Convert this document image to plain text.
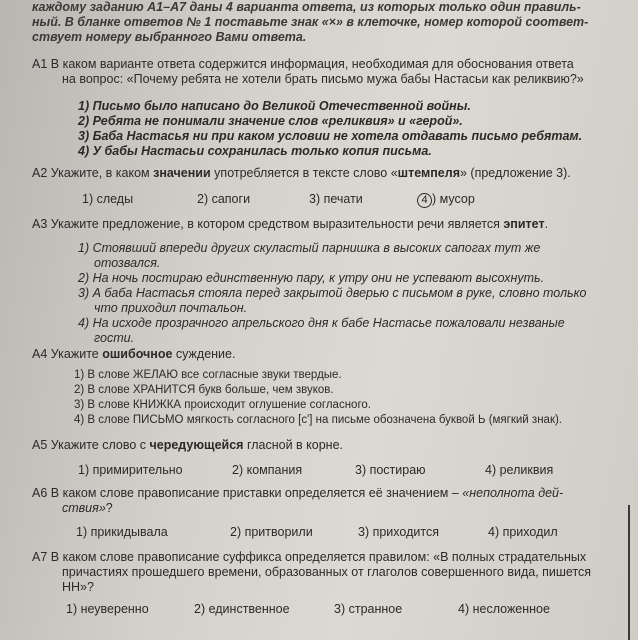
каждому заданию А1–А7 даны 4 варианта ответа, из которых только один правиль-
ный. В бланке ответов № 1 поставьте знак «×» в клеточке, номер которой соответ-
ствует номеру выбранного Вами ответа.
А1 В каком варианте ответа содержится информация, необходимая для обоснования ответа
на вопрос: «Почему ребята не хотели брать письмо мужа бабы Настасьи как реликвию?»
1) Письмо было написано до Великой Отечественной войны.
2) Ребята не понимали значение слов «реликвия» и «герой».
3) Баба Настасья ни при каком условии не хотела отдавать письмо ребятам.
4) У бабы Настасьи сохранилась только копия письма.
А2 Укажите, в каком значении употребляется в тексте слово «штемпеля» (предложение 3).
1) следы	2) сапоги	3) печати	4 ) мусор
А3 Укажите предложение, в котором средством выразительности речи является эпитет.
1) Стоявший впереди других скуластый парнишка в высоких сапогах тут же отозвался.
2) На ночь постираю единственную пару, к утру они не успевают высохнуть.
3) А баба Настасья стояла перед закрытой дверью с письмом в руке, словно только что приходил почтальон.
4) На исходе прозрачного апрельского дня к бабе Настасье пожаловали незваные гости.
А4 Укажите ошибочное суждение.
1) В слове ЖЕЛАЮ все согласные звуки твердые.
2) В слове ХРАНИТСЯ букв больше, чем звуков.
3) В слове КНИЖКА происходит оглушение согласного.
4) В слове ПИСЬМО мягкость согласного [с'] на письме обозначена буквой Ь (мягкий знак).
А5 Укажите слово с чередующейся гласной в корне.
1) примирительно	2) компания	3) постираю	4) реликвия
А6 В каком слове правописание приставки определяется её значением – «неполнота дей-
ствия»?
1) прикидывала	2) притворили	3) приходится	4) приходил
А7 В каком слове правописание суффикса определяется правилом: «В полных страдательных
причастиях прошедшего времени, образованных от глаголов совершенного вида, пишется
НН»?
1) неуверенно	2) единственное	3) странное	4) несложенное
